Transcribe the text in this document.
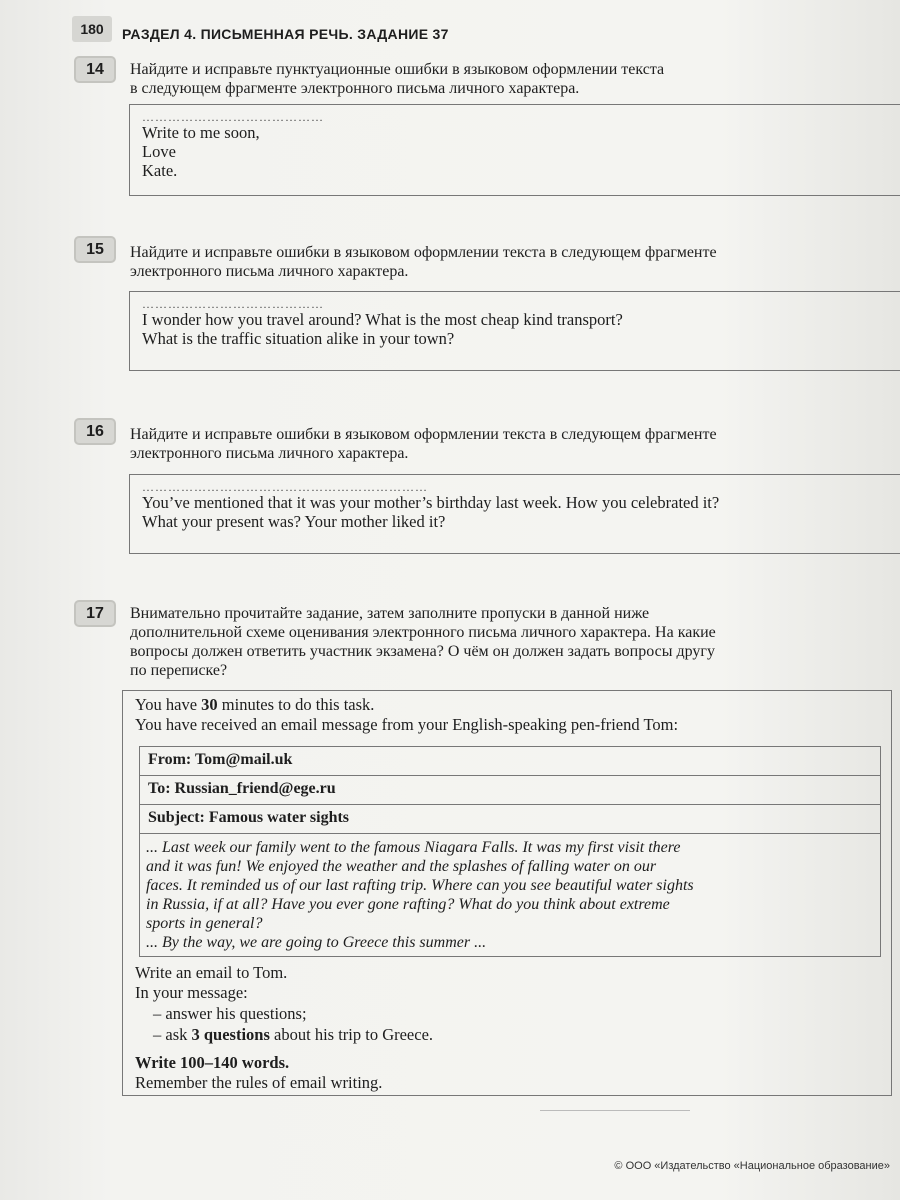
180	РАЗДЕЛ 4. ПИСЬМЕННАЯ РЕЧЬ. ЗАДАНИЕ 37
14	Найдите и исправьте пунктуационные ошибки в языковом оформлении текста
в следующем фрагменте электронного письма личного характера.
……………………………………
Write to me soon,
Love
Kate.
15	Найдите и исправьте ошибки в языковом оформлении текста в следующем фрагменте
электронного письма личного характера.
……………………………………
I wonder how you travel around? What is the most cheap kind transport?
What is the traffic situation alike in your town?
16	Найдите и исправьте ошибки в языковом оформлении текста в следующем фрагменте
электронного письма личного характера.
…………………………………………………………
You’ve mentioned that it was your mother’s birthday last week. How you celebrated it?
What your present was? Your mother liked it?
17	Внимательно прочитайте задание, затем заполните пропуски в данной ниже
дополнительной схеме оценивания электронного письма личного характера. На какие
вопросы должен ответить участник экзамена? О чём он должен задать вопросы другу
по переписке?
You have 30 minutes to do this task.
You have received an email message from your English-speaking pen-friend Tom:
Write an email to Tom.
In your message:
– answer his questions;
– ask 3 questions about his trip to Greece.
Write 100–140 words.
Remember the rules of email writing.
From: Tom@mail.uk
To: Russian_friend@ege.ru
Subject: Famous water sights
... Last week our family went to the famous Niagara Falls. It was my first visit there
and it was fun! We enjoyed the weather and the splashes of falling water on our
faces. It reminded us of our last rafting trip. Where can you see beautiful water sights
in Russia, if at all? Have you ever gone rafting? What do you think about extreme
sports in general?
... By the way, we are going to Greece this summer ...
© ООО «Издательство «Национальное образование»
